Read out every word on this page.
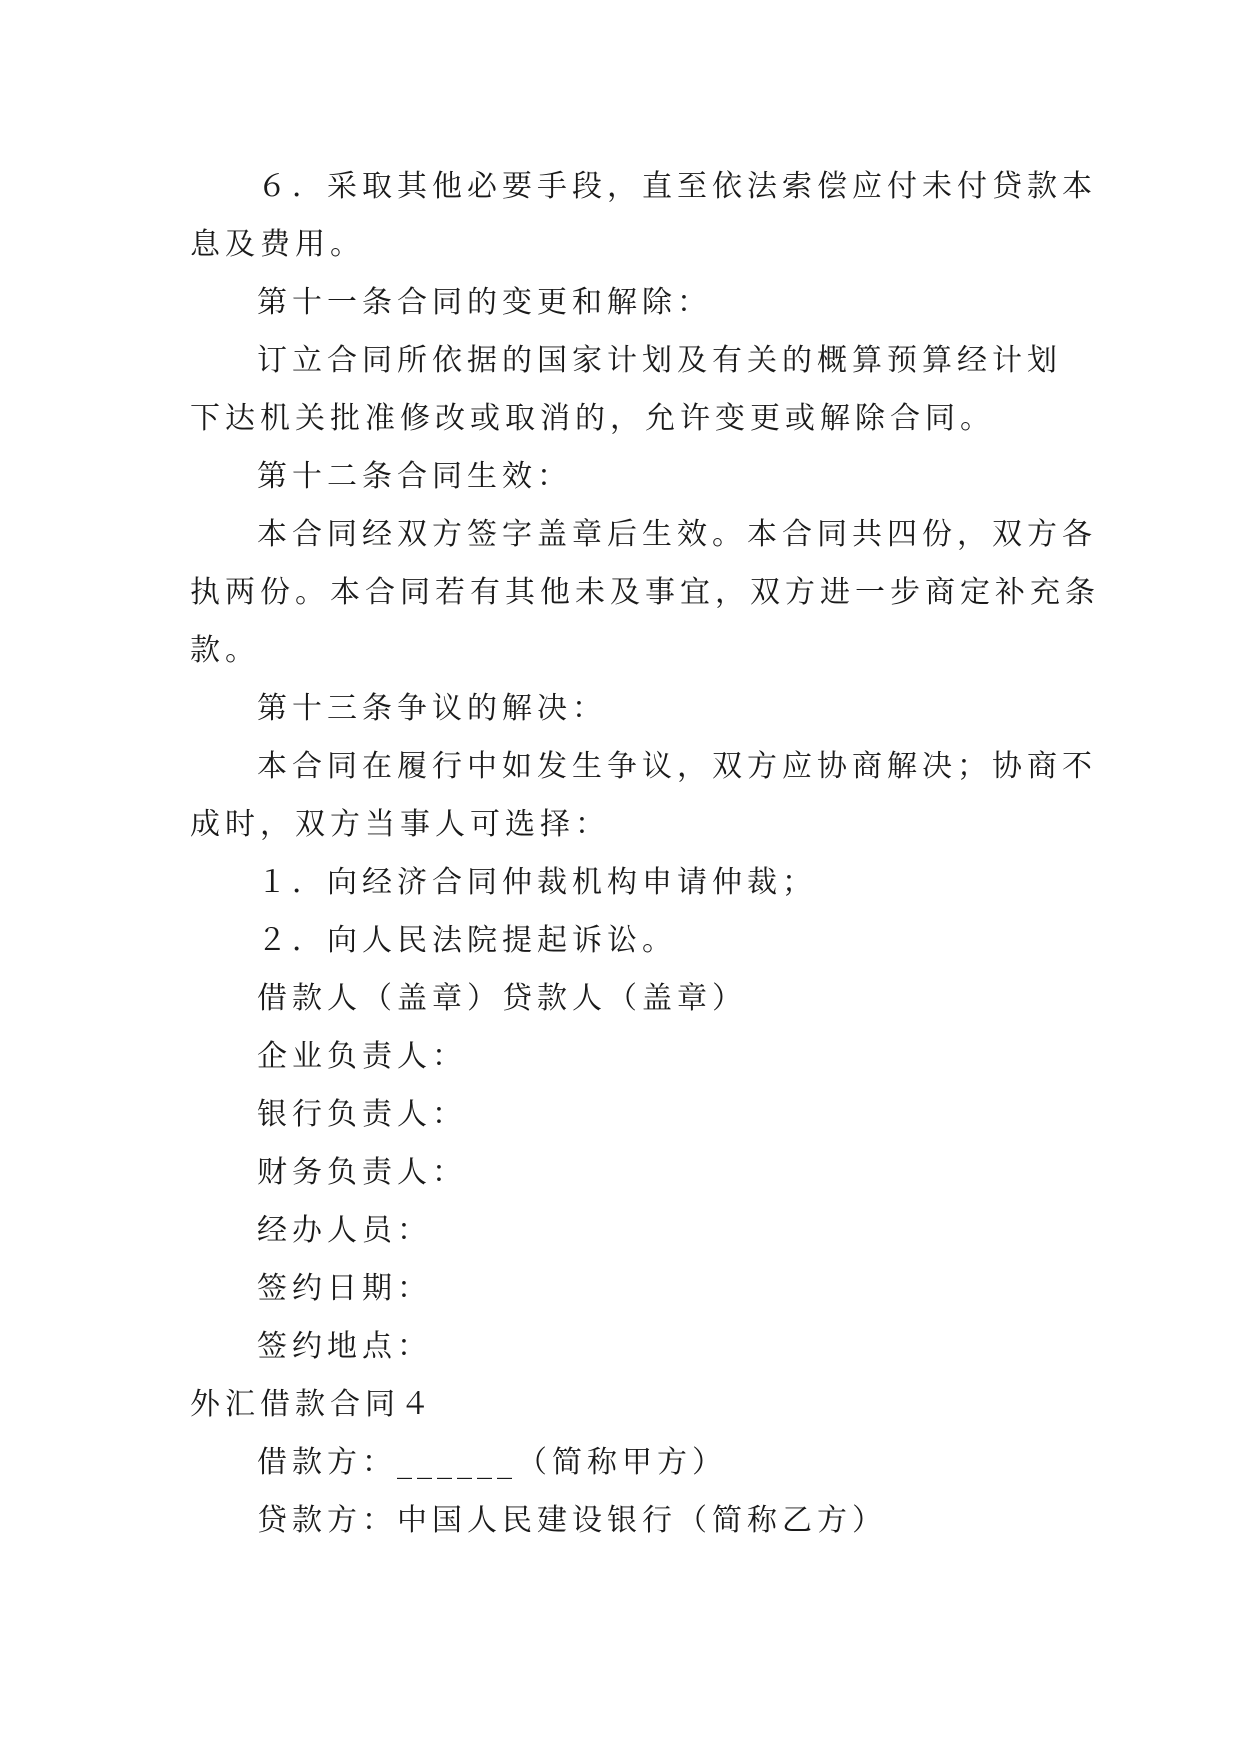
６．采取其他必要手段，直至依法索偿应付未付贷款本
息及费用。
第十一条合同的变更和解除：
订立合同所依据的国家计划及有关的概算预算经计划
下达机关批准修改或取消的，允许变更或解除合同。
第十二条合同生效：
本合同经双方签字盖章后生效。本合同共四份，双方各
执两份。本合同若有其他未及事宜，双方进一步商定补充条
款。
第十三条争议的解决：
本合同在履行中如发生争议，双方应协商解决；协商不
成时，双方当事人可选择：
１．向经济合同仲裁机构申请仲裁；
２．向人民法院提起诉讼。
借款人（盖章）贷款人（盖章）
企业负责人：
银行负责人：
财务负责人：
经办人员：
签约日期：
签约地点：
外汇借款合同４
借款方：______（简称甲方）
贷款方：中国人民建设银行（简称乙方）
